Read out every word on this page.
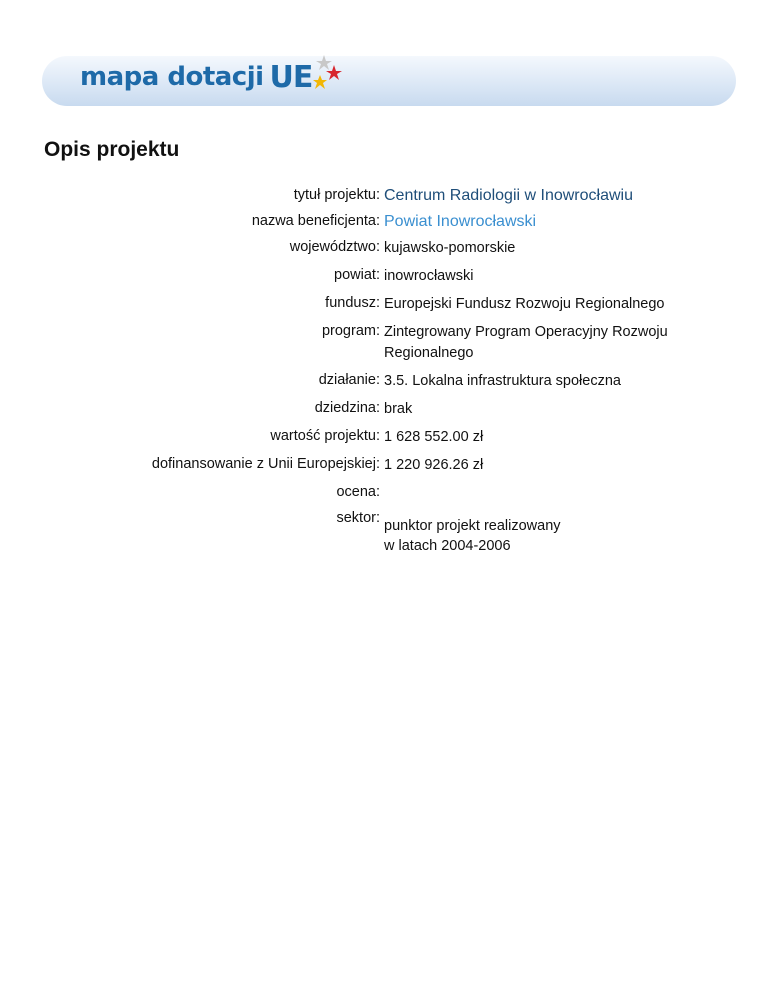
mapa dotacji UE
Opis projektu
tytuł projektu: Centrum Radiologii w Inowrocławiu
nazwa beneficjenta: Powiat Inowrocławski
województwo: kujawsko-pomorskie
powiat: inowrocławski
fundusz: Europejski Fundusz Rozwoju Regionalnego
program: Zintegrowany Program Operacyjny Rozwoju Regionalnego
działanie: 3.5. Lokalna infrastruktura społeczna
dziedzina: brak
wartość projektu: 1 628 552.00 zł
dofinansowanie z Unii Europejskiej: 1 220 926.26 zł
ocena:
sektor: punktor projekt realizowany
w latach 2004-2006
